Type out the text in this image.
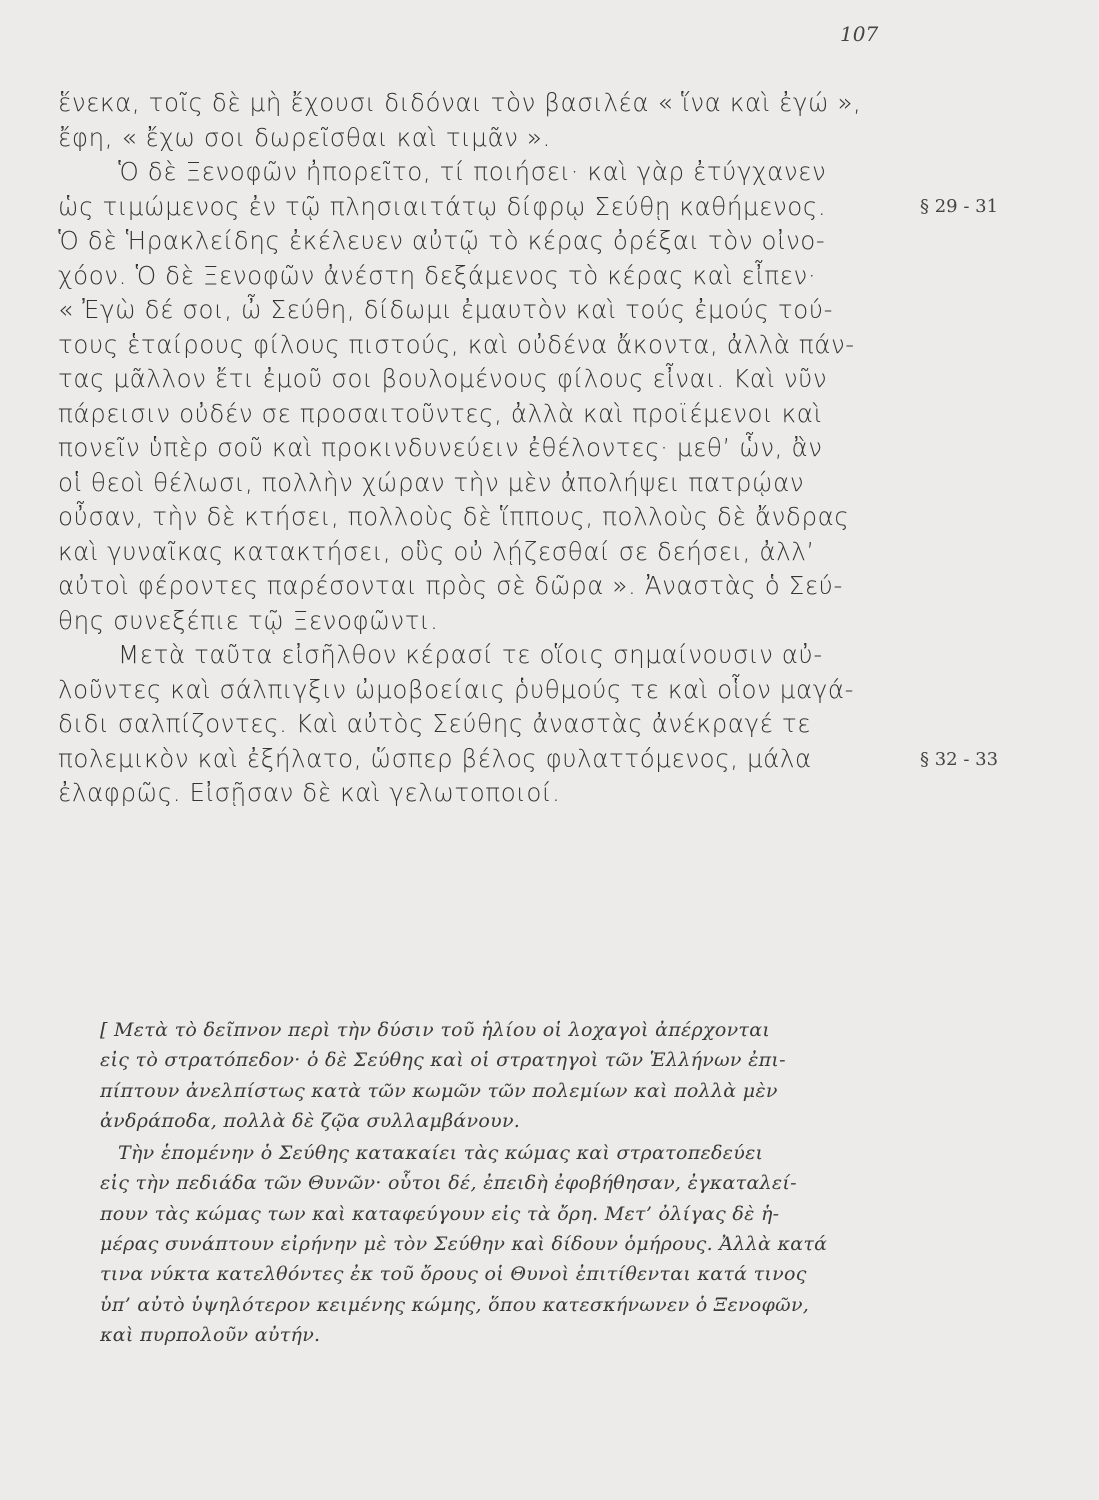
107
ἕνεκα, τοῖς δὲ μὴ ἔχουσι διδόναι τὸν βασιλέα « ἵνα καὶ ἐγώ »,
ἔφη, « ἔχω σοι δωρεῖσθαι καὶ τιμᾶν ».
Ὁ δὲ Ξενοφῶν ἠπορεῖτο, τί ποιήσει· καὶ γὰρ ἐτύγχανεν
ὡς τιμώμενος ἐν τῷ πλησιαιτάτῳ δίφρῳ Σεύθῃ καθήμενος.
Ὁ δὲ Ἡρακλείδης ἐκέλευεν αὐτῷ τὸ κέρας ὀρέξαι τὸν οἰνο-
χόον. Ὁ δὲ Ξενοφῶν ἀνέστη δεξάμενος τὸ κέρας καὶ εἶπεν·
« Ἐγὼ δέ σοι, ὦ Σεύθη, δίδωμι ἐμαυτὸν καὶ τούς ἐμούς τού-
τους ἑταίρους φίλους πιστούς, καὶ οὐδένα ἄκοντα, ἀλλὰ πάν-
τας μᾶλλον ἔτι ἐμοῦ σοι βουλομένους φίλους εἶναι. Καὶ νῦν
πάρεισιν οὐδέν σε προσαιτοῦντες, ἀλλὰ καὶ προϊέμενοι καὶ
πονεῖν ὑπὲρ σοῦ καὶ προκινδυνεύειν ἐθέλοντες· μεθ’ ὧν, ἂν
οἱ θεοὶ θέλωσι, πολλὴν χώραν τὴν μὲν ἀπολήψει πατρῴαν
οὖσαν, τὴν δὲ κτήσει, πολλοὺς δὲ ἵππους, πολλοὺς δὲ ἄνδρας
καὶ γυναῖκας κατακτήσει, οὓς οὐ λῄζεσθαί σε δεήσει, ἀλλ’
αὐτοὶ φέροντες παρέσονται πρὸς σὲ δῶρα ». Ἀναστὰς ὁ Σεύ-
θης συνεξέπιε τῷ Ξενοφῶντι.
Μετὰ ταῦτα εἰσῆλθον κέρασί τε οἵοις σημαίνουσιν αὐ-
λοῦντες καὶ σάλπιγξιν ὠμοβοείαις ῥυθμούς τε καὶ οἷον μαγά-
διδι σαλπίζοντες. Καὶ αὐτὸς Σεύθης ἀναστὰς ἀνέκραγέ τε
πολεμικὸν καὶ ἐξήλατο, ὥσπερ βέλος φυλαττόμενος, μάλα
ἐλαφρῶς. Εἰσῇσαν δὲ καὶ γελωτοποιοί.
§ 29 - 31
§ 32 - 33
[ Μετὰ τὸ δεῖπνον περὶ τὴν δύσιν τοῦ ἡλίου οἱ λοχαγοὶ ἀπέρχονται
εἰς τὸ στρατόπεδον· ὁ δὲ Σεύθης καὶ οἱ στρατηγοὶ τῶν Ἑλλήνων ἐπι-
πίπτουν ἀνελπίστως κατὰ τῶν κωμῶν τῶν πολεμίων καὶ πολλὰ μὲν
ἀνδράποδα, πολλὰ δὲ ζῷα συλλαμβάνουν.
Τὴν ἑπομένην ὁ Σεύθης κατακαίει τὰς κώμας καὶ στρατοπεδεύει
εἰς τὴν πεδιάδα τῶν Θυνῶν· οὗτοι δέ, ἐπειδὴ ἐφοβήθησαν, ἐγκαταλεί-
πουν τὰς κώμας των καὶ καταφεύγουν εἰς τὰ ὄρη. Μετ’ ὀλίγας δὲ ἡ-
μέρας συνάπτουν εἰρήνην μὲ τὸν Σεύθην καὶ δίδουν ὁμήρους. Ἀλλὰ κατά
τινα νύκτα κατελθόντες ἐκ τοῦ ὄρους οἱ Θυνοὶ ἐπιτίθενται κατά τινος
ὑπ’ αὐτὸ ὑψηλότερον κειμένης κώμης, ὅπου κατεσκήνωνεν ὁ Ξενοφῶν,
καὶ πυρπολοῦν αὐτήν.
